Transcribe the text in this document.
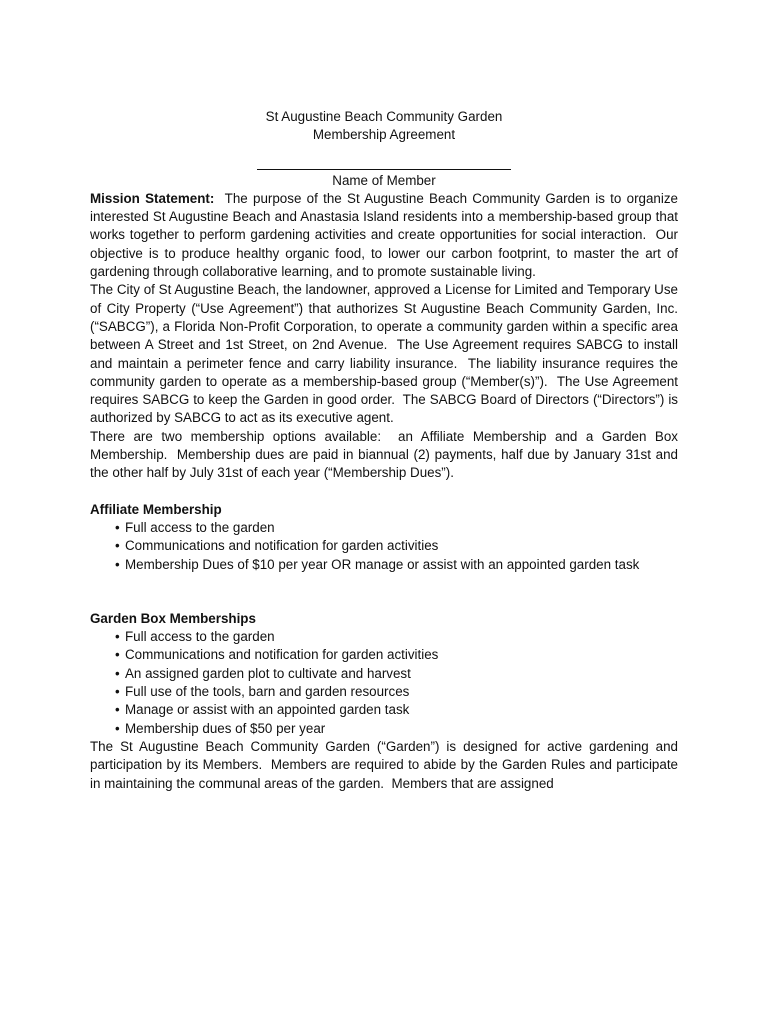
St Augustine Beach Community Garden

Membership Agreement

Name of Member

Mission Statement:  The purpose of the St Augustine Beach Community Garden is to organize interested St Augustine Beach and Anastasia Island residents into a membership-based group that works together to perform gardening activities and create opportunities for social interaction.  Our objective is to produce healthy organic food, to lower our carbon footprint, to master the art of gardening through collaborative learning, and to promote sustainable living.

The City of St Augustine Beach, the landowner, approved a License for Limited and Temporary Use of City Property (“Use Agreement”) that authorizes St Augustine Beach Community Garden, Inc. (“SABCG”), a Florida Non-Profit Corporation, to operate a community garden within a specific area between A Street and 1st Street, on 2nd Avenue.  The Use Agreement requires SABCG to install and maintain a perimeter fence and carry liability insurance.  The liability insurance requires the community garden to operate as a membership-based group (“Member(s)”).  The Use Agreement requires SABCG to keep the Garden in good order.  The SABCG Board of Directors (“Directors”) is authorized by SABCG to act as its executive agent.

There are two membership options available:  an Affiliate Membership and a Garden Box Membership.  Membership dues are paid in biannual (2) payments, half due by January 31st and the other half by July 31st of each year (“Membership Dues”).

Affiliate Membership
• Full access to the garden
• Communications and notification for garden activities
• Membership Dues of $10 per year OR manage or assist with an appointed garden task
Garden Box Memberships
• Full access to the garden
• Communications and notification for garden activities
• An assigned garden plot to cultivate and harvest
• Full use of the tools, barn and garden resources
• Manage or assist with an appointed garden task
• Membership dues of $50 per year

The St Augustine Beach Community Garden (“Garden”) is designed for active gardening and participation by its Members.  Members are required to abide by the Garden Rules and participate in maintaining the communal areas of the garden.  Members that are assigned
